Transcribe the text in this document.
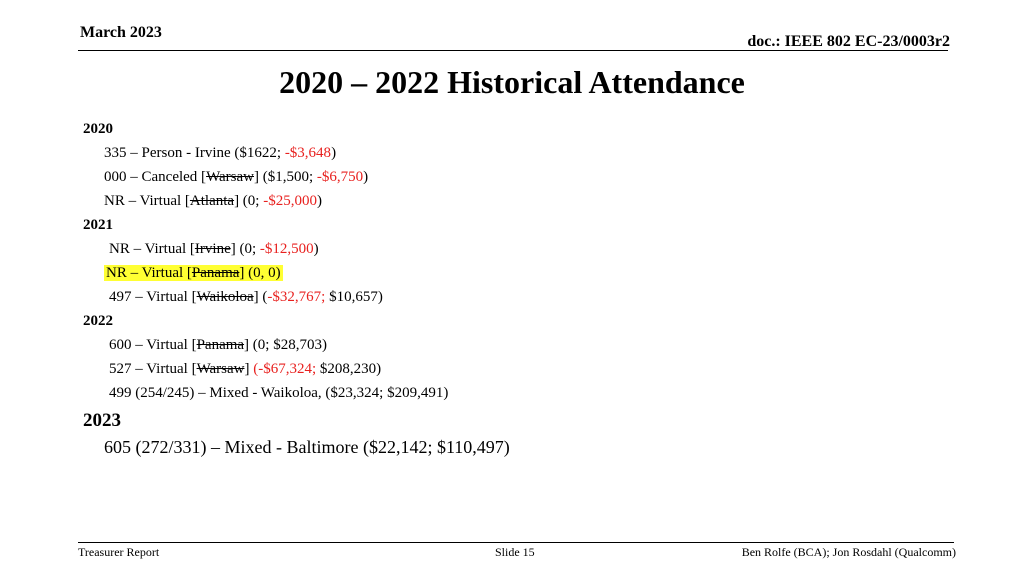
March 2023
doc.: IEEE 802 EC-23/0003r2
2020 – 2022 Historical Attendance
2020
335 – Person - Irvine ($1622; -$3,648)
000 – Canceled [Warsaw] ($1,500; -$6,750)
NR – Virtual [Atlanta] (0; -$25,000)
2021
NR – Virtual [Irvine] (0; -$12,500)
NR – Virtual [Panama] (0, 0)
497 – Virtual [Waikoloa] (-$32,767; $10,657)
2022
600 – Virtual [Panama] (0; $28,703)
527 – Virtual [Warsaw] (-$67,324; $208,230)
499 (254/245) – Mixed - Waikoloa, ($23,324; $209,491)
2023
605 (272/331) – Mixed - Baltimore ($22,142; $110,497)
Treasurer Report	Slide 15	Ben Rolfe (BCA); Jon Rosdahl (Qualcomm)
